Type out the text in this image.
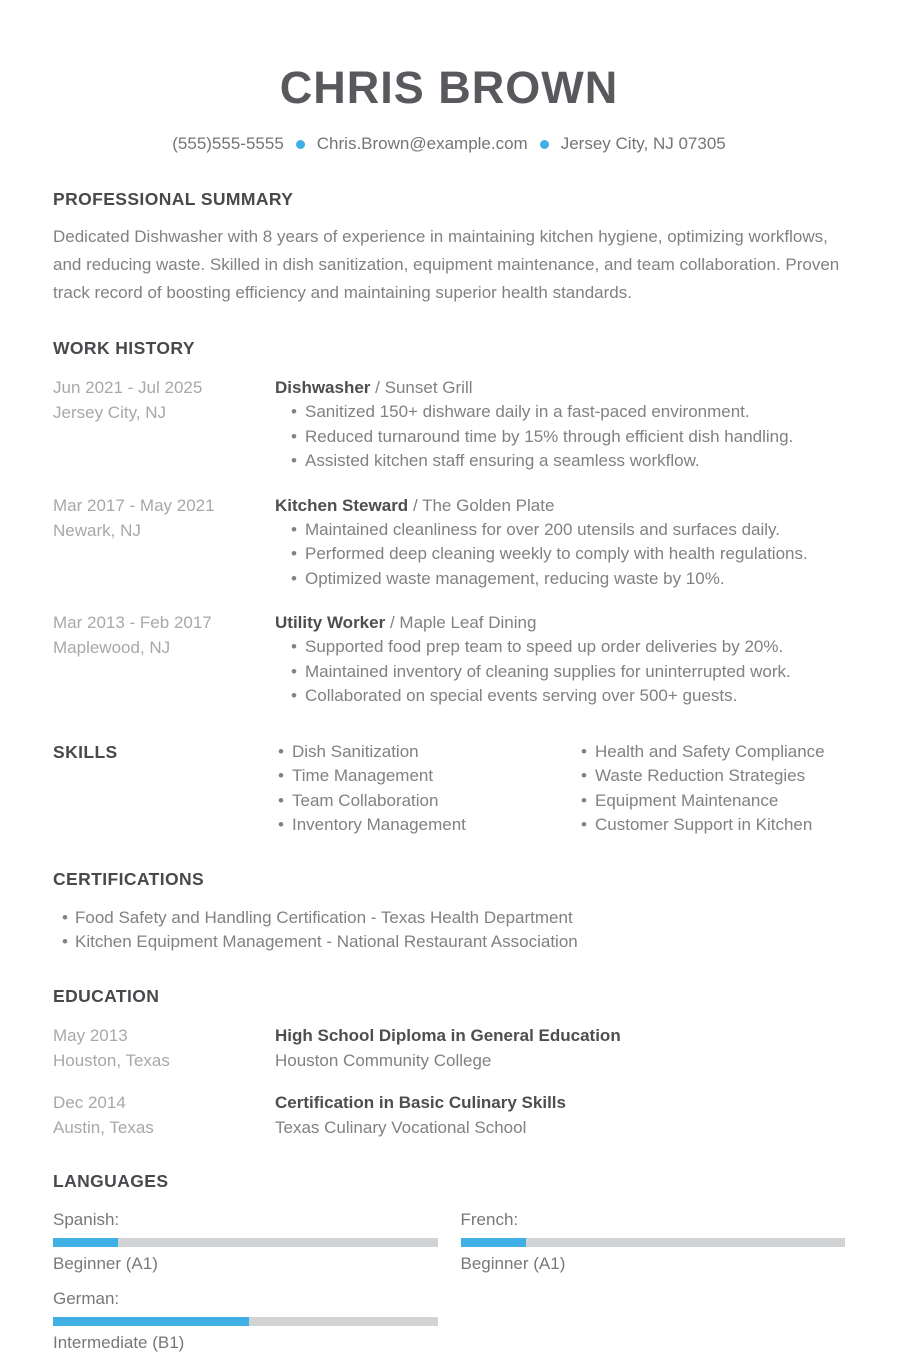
CHRIS BROWN
(555)555-5555 Chris.Brown@example.com Jersey City, NJ 07305
PROFESSIONAL SUMMARY

Dedicated Dishwasher with 8 years of experience in maintaining kitchen hygiene, optimizing workflows, and reducing waste. Skilled in dish sanitization, equipment maintenance, and team collaboration. Proven track record of boosting efficiency and maintaining superior health standards.

WORK HISTORY
Jun 2021 - Jul 2025
Jersey City, NJ
Dishwasher / Sunset Grill
• Sanitized 150+ dishware daily in a fast-paced environment.
• Reduced turnaround time by 15% through efficient dish handling.
• Assisted kitchen staff ensuring a seamless workflow.
Mar 2017 - May 2021
Newark, NJ
Kitchen Steward / The Golden Plate
• Maintained cleanliness for over 200 utensils and surfaces daily.
• Performed deep cleaning weekly to comply with health regulations.
• Optimized waste management, reducing waste by 10%.
Mar 2013 - Feb 2017
Maplewood, NJ
Utility Worker / Maple Leaf Dining
• Supported food prep team to speed up order deliveries by 20%.
• Maintained inventory of cleaning supplies for uninterrupted work.
• Collaborated on special events serving over 500+ guests.
SKILLS	• Dish Sanitization
• Time Management
• Team Collaboration
• Inventory Management
• Health and Safety Compliance
• Waste Reduction Strategies
• Equipment Maintenance
• Customer Support in Kitchen
CERTIFICATIONS
• Food Safety and Handling Certification - Texas Health Department
• Kitchen Equipment Management - National Restaurant Association
EDUCATION
May 2013
Houston, Texas
High School Diploma in General Education
Houston Community College
Dec 2014
Austin, Texas
Certification in Basic Culinary Skills
Texas Culinary Vocational School
LANGUAGES
Spanish:
Beginner (A1)
French:
Beginner (A1)
German:
Intermediate (B1)
